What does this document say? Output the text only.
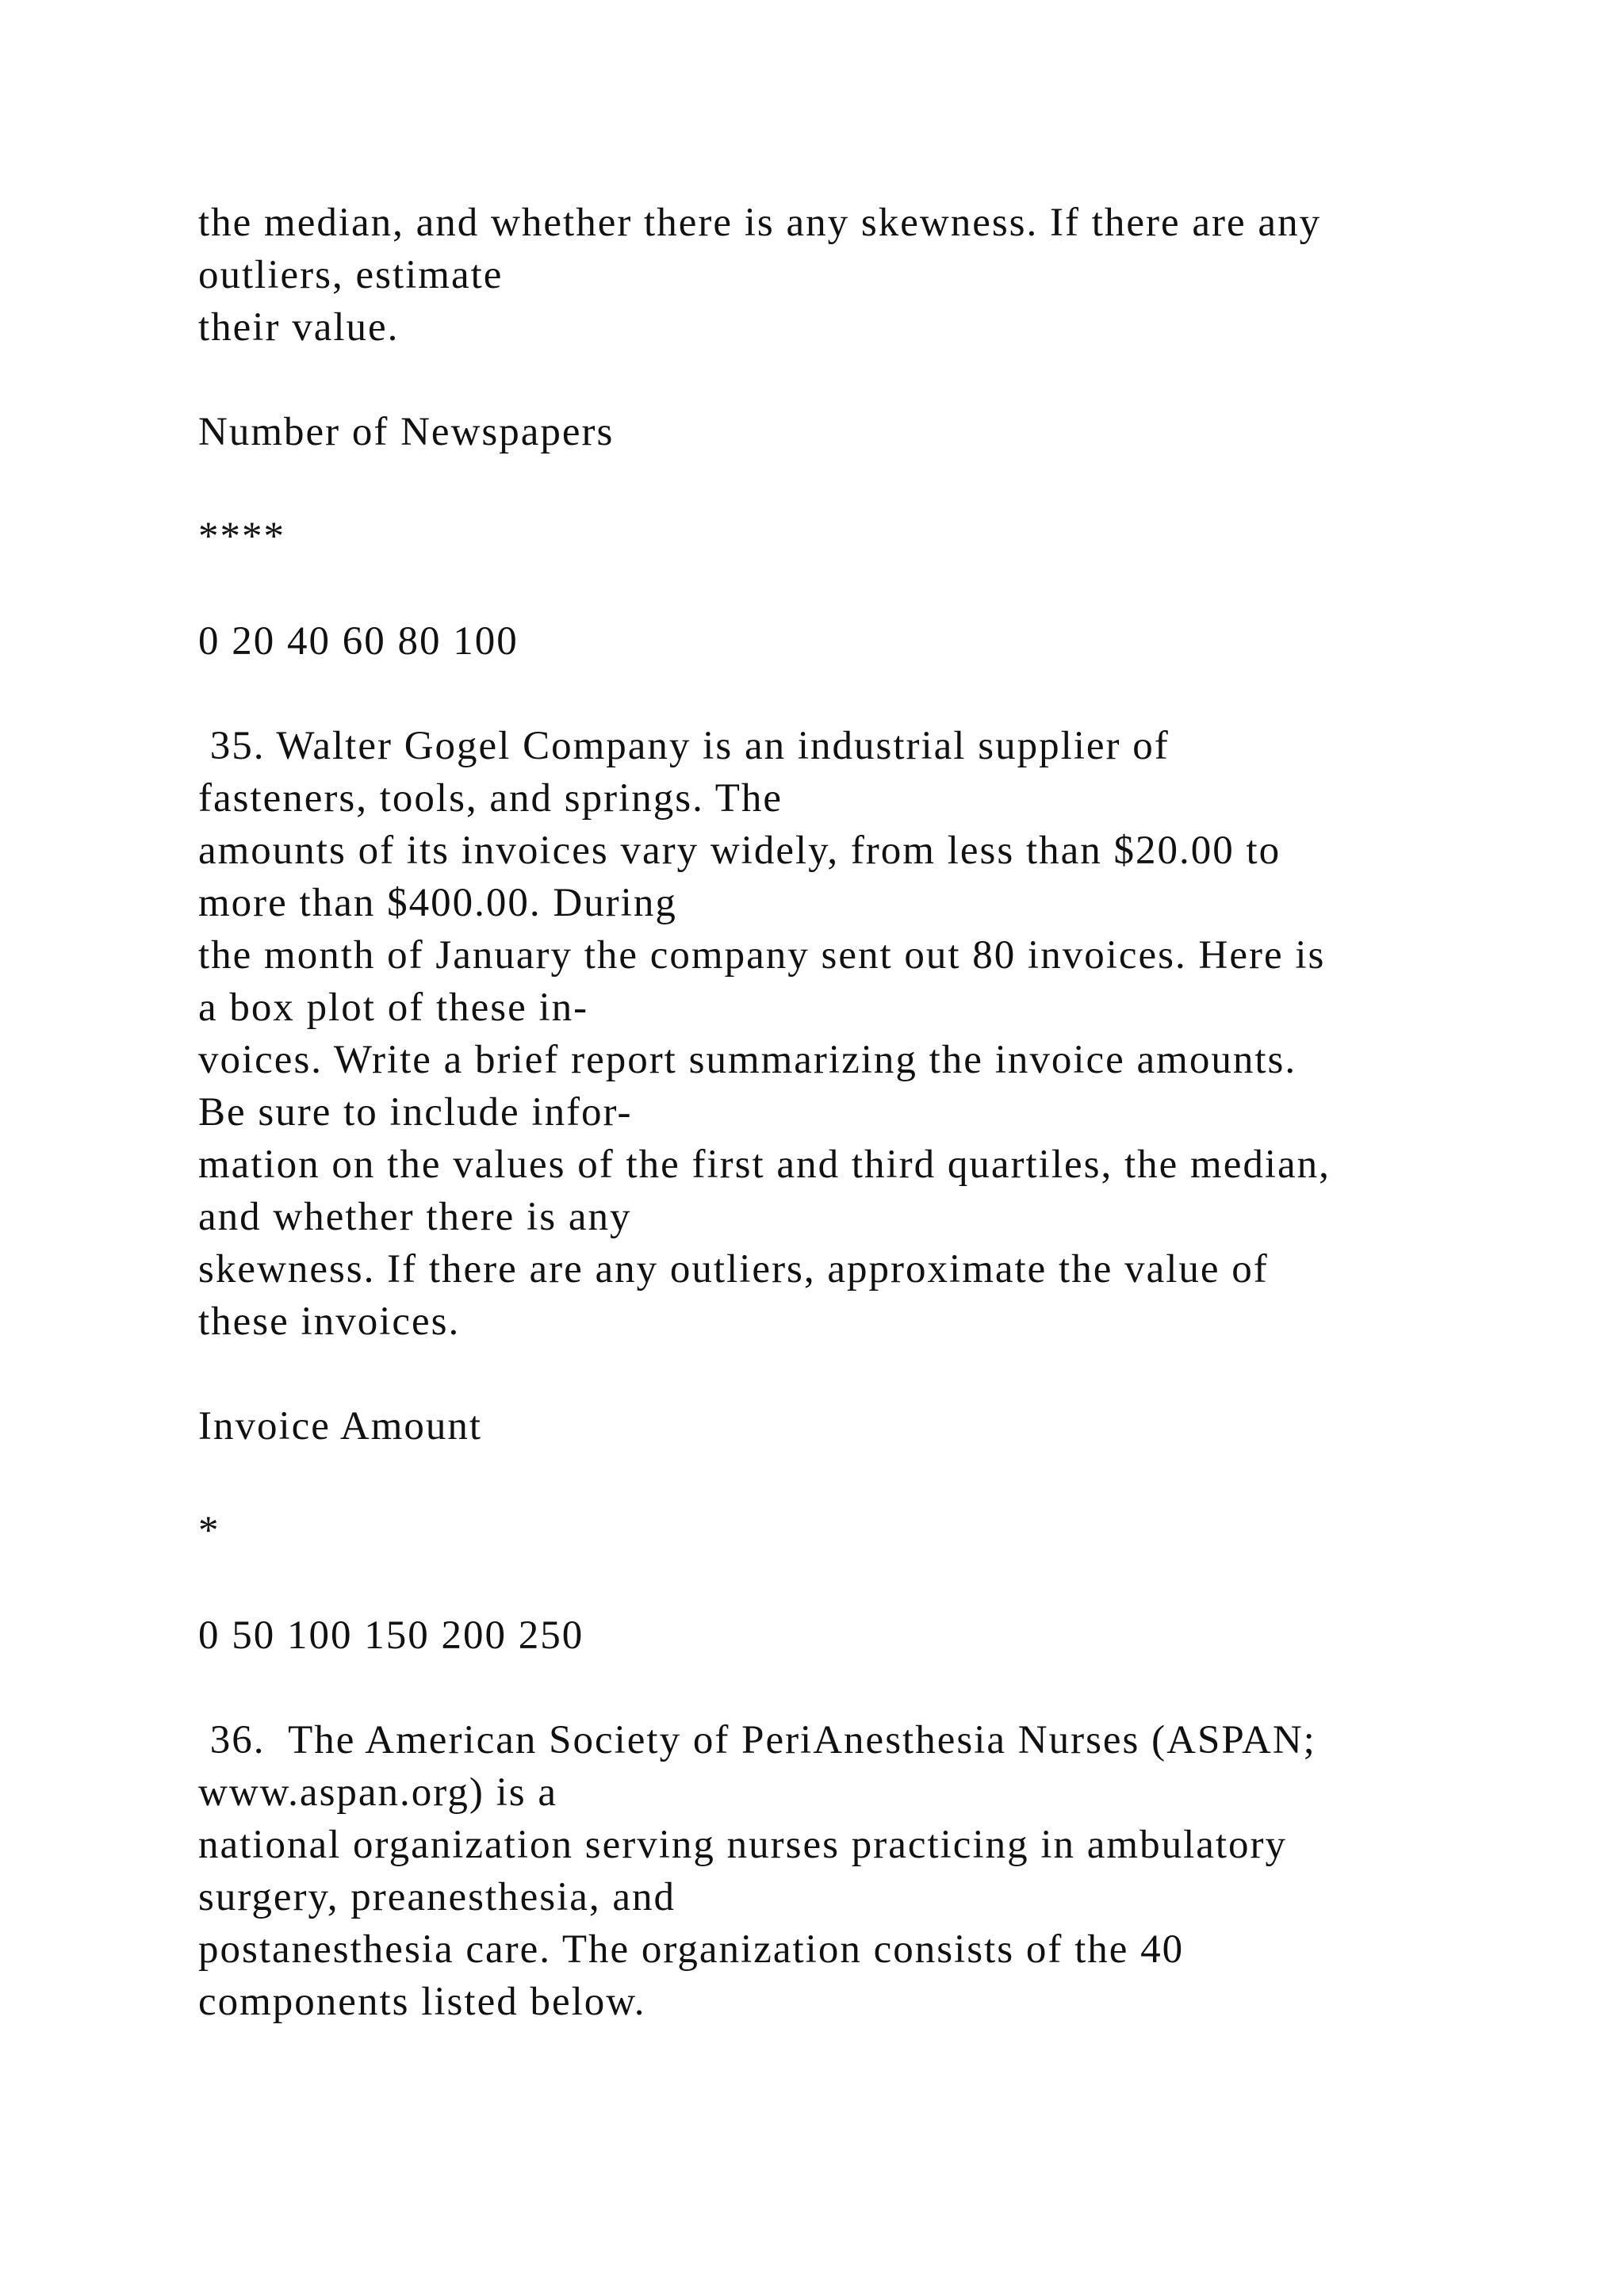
the median, and whether there is any skewness. If there are any
outliers, estimate
their value.
Number of Newspapers
****
0 20 40 60 80 100
35. Walter Gogel Company is an industrial supplier of
fasteners, tools, and springs. The
amounts of its invoices vary widely, from less than $20.00 to
more than $400.00. During
the month of January the company sent out 80 invoices. Here is
a box plot of these in-
voices. Write a brief report summarizing the invoice amounts.
Be sure to include infor-
mation on the values of the first and third quartiles, the median,
and whether there is any
skewness. If there are any outliers, approximate the value of
these invoices.
Invoice Amount
*
0 50 100 150 200 250
36.  The American Society of PeriAnesthesia Nurses (ASPAN;
www.aspan.org) is a
national organization serving nurses practicing in ambulatory
surgery, preanesthesia, and
postanesthesia care. The organization consists of the 40
components listed below.
